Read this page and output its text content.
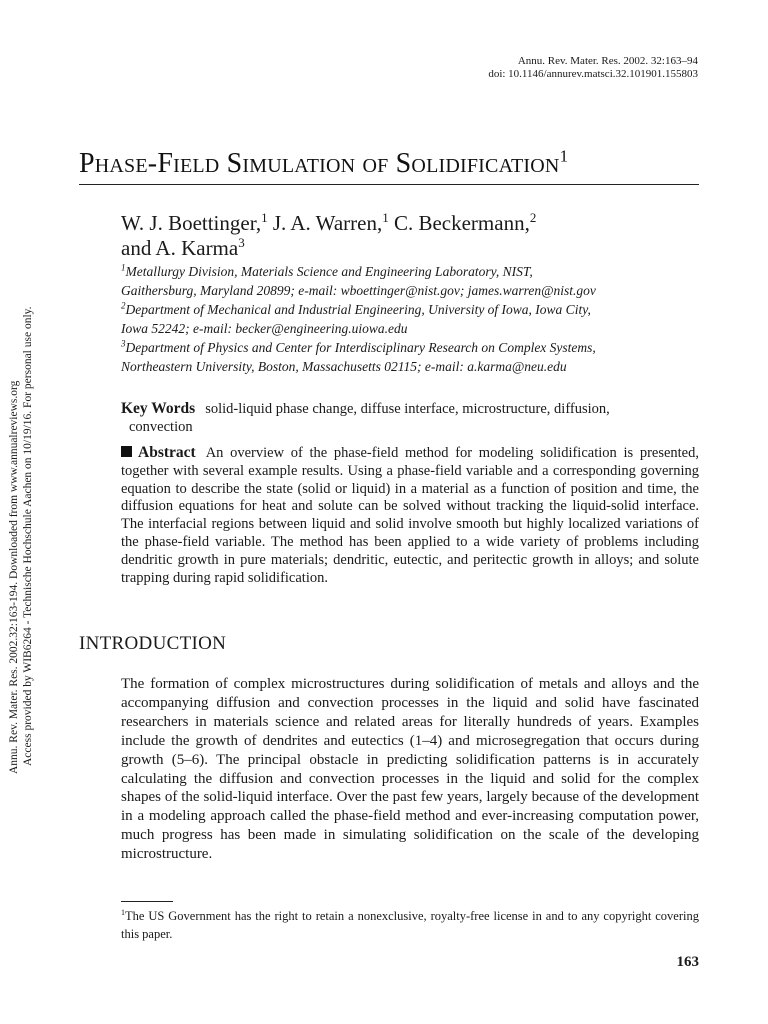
Annu. Rev. Mater. Res. 2002.32:163-194. Downloaded from www.annualreviews.org Access provided by WIB6264 - Technische Hochschule Aachen on 10/19/16. For personal use only.
Annu. Rev. Mater. Res. 2002. 32:163–94
doi: 10.1146/annurev.matsci.32.101901.155803
Phase-Field Simulation of Solidification$^1$
W. J. Boettinger,$^1$ J. A. Warren,$^1$ C. Beckermann,$^2$
and A. Karma$^3$
$^1$Metallurgy Division, Materials Science and Engineering Laboratory, NIST,
Gaithersburg, Maryland 20899; e-mail: wboettinger@nist.gov; james.warren@nist.gov
$^2$Department of Mechanical and Industrial Engineering, University of Iowa, Iowa City,
Iowa 52242; e-mail: becker@engineering.uiowa.edu
$^3$Department of Physics and Center for Interdisciplinary Research on Complex Systems,
Northeastern University, Boston, Massachusetts 02115; e-mail: a.karma@neu.edu
Key Words solid-liquid phase change, diffuse interface, microstructure, diffusion,
convection
Abstract An overview of the phase-field method for modeling solidification is presented, together with several example results. Using a phase-field variable and a corresponding governing equation to describe the state (solid or liquid) in a material as a function of position and time, the diffusion equations for heat and solute can be solved without tracking the liquid-solid interface. The interfacial regions between liquid and solid involve smooth but highly localized variations of the phase-field variable. The method has been applied to a wide variety of problems including dendritic growth in pure materials; dendritic, eutectic, and peritectic growth in alloys; and solute trapping during rapid solidification.
INTRODUCTION
The formation of complex microstructures during solidification of metals and alloys and the accompanying diffusion and convection processes in the liquid and solid have fascinated researchers in materials science and related areas for literally hundreds of years. Examples include the growth of dendrites and eutectics (1–4) and microsegregation that occurs during growth (5–6). The principal obstacle in predicting solidification patterns is in accurately calculating the diffusion and convection processes in the liquid and solid for the complex shapes of the solid-liquid interface. Over the past few years, largely because of the development in a modeling approach called the phase-field method and ever-increasing computation power, much progress has been made in simulating solidification on the scale of the developing microstructure.
$^1$The US Government has the right to retain a nonexclusive, royalty-free license in and to any copyright covering this paper.
163
